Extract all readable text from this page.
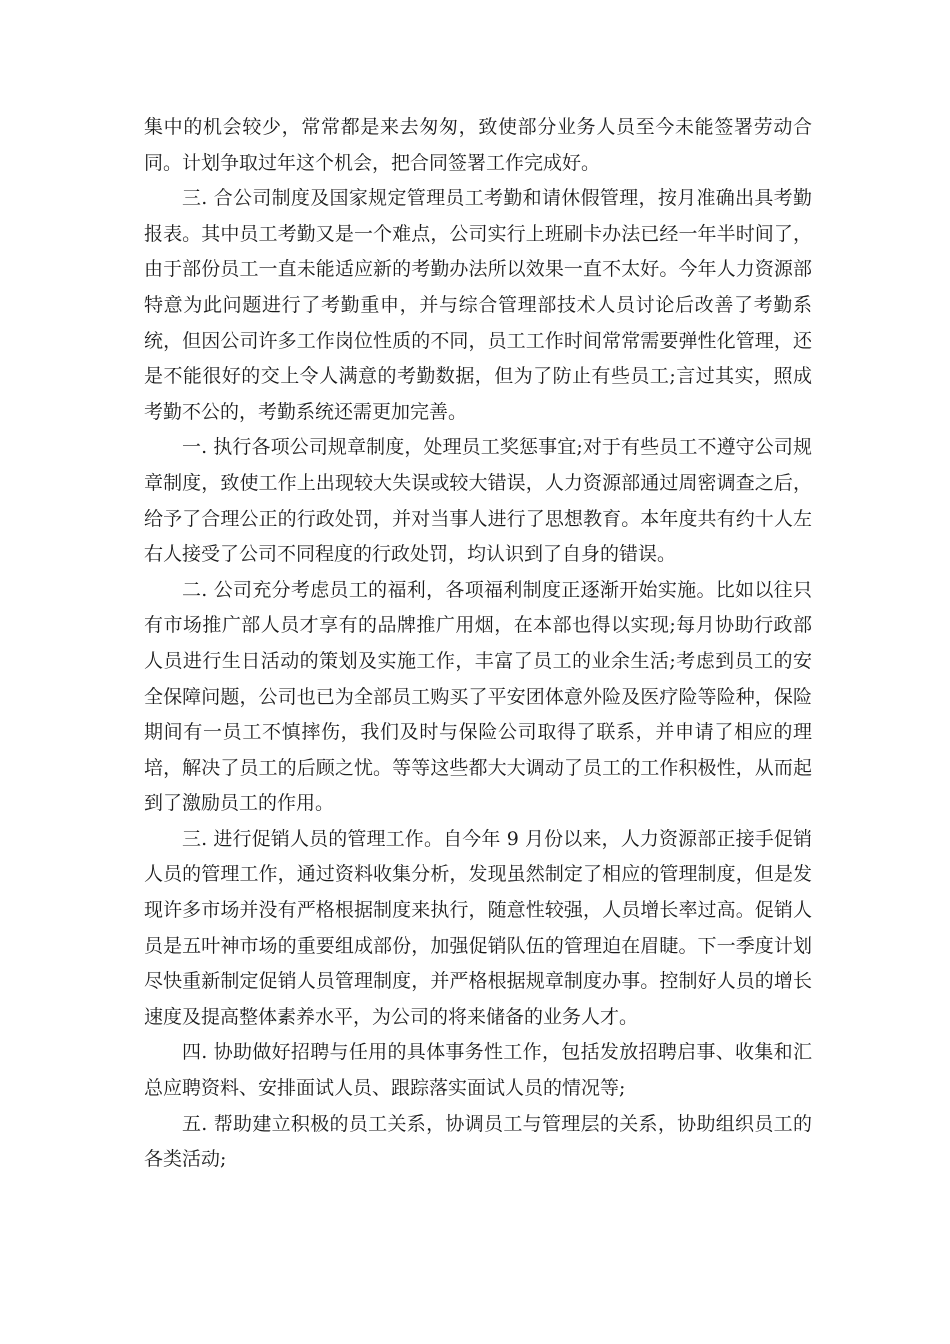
集中的机会较少，常常都是来去匆匆，致使部分业务人员至今未能签署劳动合同。计划争取过年这个机会，把合同签署工作完成好。

三. 合公司制度及国家规定管理员工考勤和请休假管理，按月准确出具考勤报表。其中员工考勤又是一个难点，公司实行上班刷卡办法已经一年半时间了，由于部份员工一直未能适应新的考勤办法所以效果一直不太好。今年人力资源部特意为此问题进行了考勤重申，并与综合管理部技术人员讨论后改善了考勤系统，但因公司许多工作岗位性质的不同，员工工作时间常常需要弹性化管理，还是不能很好的交上令人满意的考勤数据，但为了防止有些员工;言过其实，照成考勤不公的，考勤系统还需更加完善。

一. 执行各项公司规章制度，处理员工奖惩事宜;对于有些员工不遵守公司规章制度，致使工作上出现较大失误或较大错误，人力资源部通过周密调查之后，给予了合理公正的行政处罚，并对当事人进行了思想教育。本年度共有约十人左右人接受了公司不同程度的行政处罚，均认识到了自身的错误。

二. 公司充分考虑员工的福利，各项福利制度正逐渐开始实施。比如以往只有市场推广部人员才享有的品牌推广用烟，在本部也得以实现;每月协助行政部人员进行生日活动的策划及实施工作，丰富了员工的业余生活;考虑到员工的安全保障问题，公司也已为全部员工购买了平安团体意外险及医疗险等险种，保险期间有一员工不慎摔伤，我们及时与保险公司取得了联系，并申请了相应的理培，解决了员工的后顾之忧。等等这些都大大调动了员工的工作积极性，从而起到了激励员工的作用。

三. 进行促销人员的管理工作。自今年 9 月份以来，人力资源部正接手促销人员的管理工作，通过资料收集分析，发现虽然制定了相应的管理制度，但是发现许多市场并没有严格根据制度来执行，随意性较强，人员增长率过高。促销人员是五叶神市场的重要组成部份，加强促销队伍的管理迫在眉睫。下一季度计划尽快重新制定促销人员管理制度，并严格根据规章制度办事。控制好人员的增长速度及提高整体素养水平，为公司的将来储备的业务人才。

四. 协助做好招聘与任用的具体事务性工作，包括发放招聘启事、收集和汇总应聘资料、安排面试人员、跟踪落实面试人员的情况等;

五. 帮助建立积极的员工关系，协调员工与管理层的关系，协助组织员工的各类活动;
